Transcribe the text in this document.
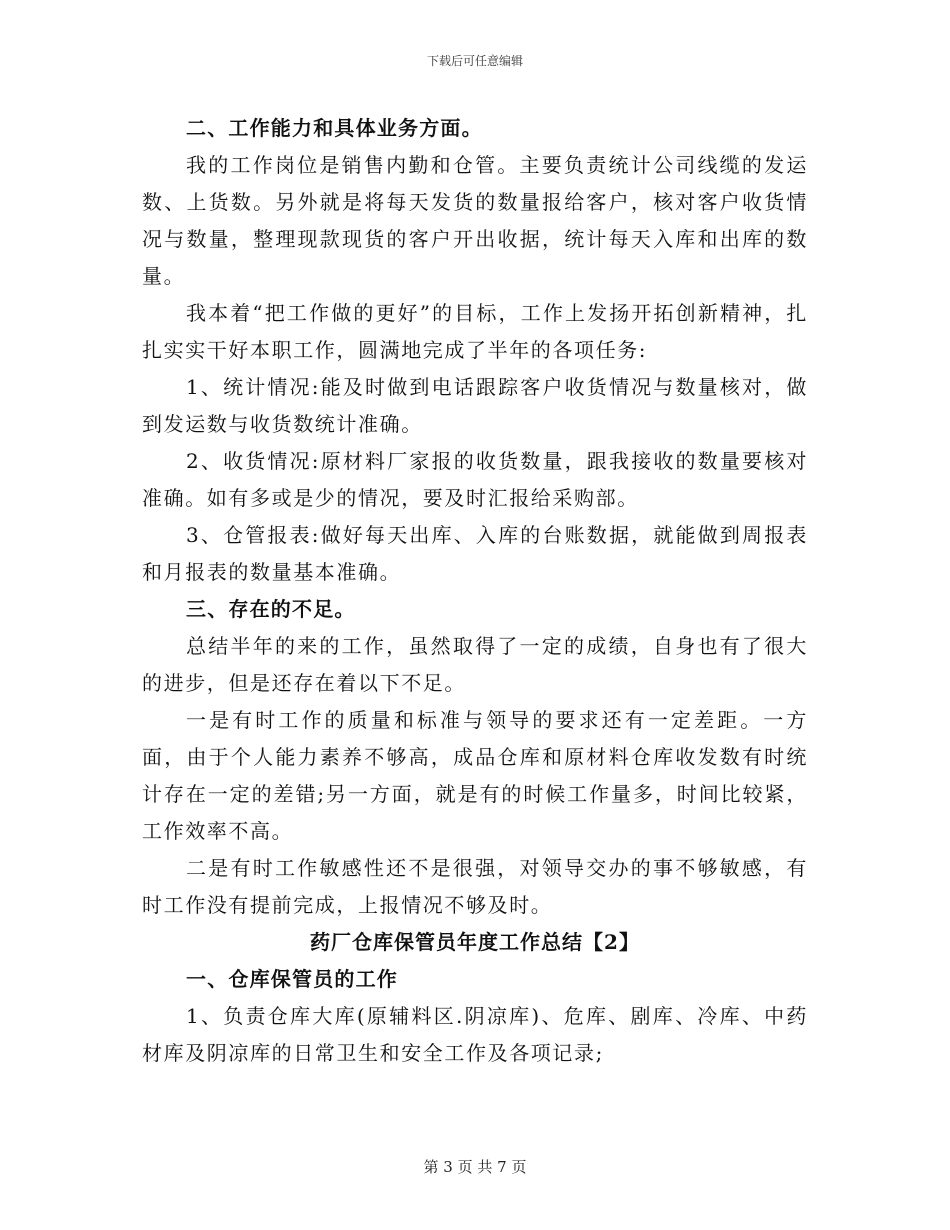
下载后可任意编辑

二、工作能力和具体业务方面。

我的工作岗位是销售内勤和仓管。主要负责统计公司线缆的发运数、上货数。另外就是将每天发货的数量报给客户，核对客户收货情况与数量，整理现款现货的客户开出收据，统计每天入库和出库的数量。

我本着“把工作做的更好”的目标，工作上发扬开拓创新精神，扎扎实实干好本职工作，圆满地完成了半年的各项任务:

1、统计情况:能及时做到电话跟踪客户收货情况与数量核对，做到发运数与收货数统计准确。

2、收货情况:原材料厂家报的收货数量，跟我接收的数量要核对准确。如有多或是少的情况，要及时汇报给采购部。

3、仓管报表:做好每天出库、入库的台账数据，就能做到周报表和月报表的数量基本准确。

三、存在的不足。

总结半年的来的工作，虽然取得了一定的成绩，自身也有了很大的进步，但是还存在着以下不足。

一是有时工作的质量和标准与领导的要求还有一定差距。一方面，由于个人能力素养不够高，成品仓库和原材料仓库收发数有时统计存在一定的差错;另一方面，就是有的时候工作量多，时间比较紧，工作效率不高。

二是有时工作敏感性还不是很强，对领导交办的事不够敏感，有时工作没有提前完成，上报情况不够及时。

药厂仓库保管员年度工作总结【2】

一、仓库保管员的工作

1、负责仓库大库(原辅料区.阴凉库)、危库、剧库、冷库、中药材库及阴凉库的日常卫生和安全工作及各项记录;

第 3 页 共 7 页
